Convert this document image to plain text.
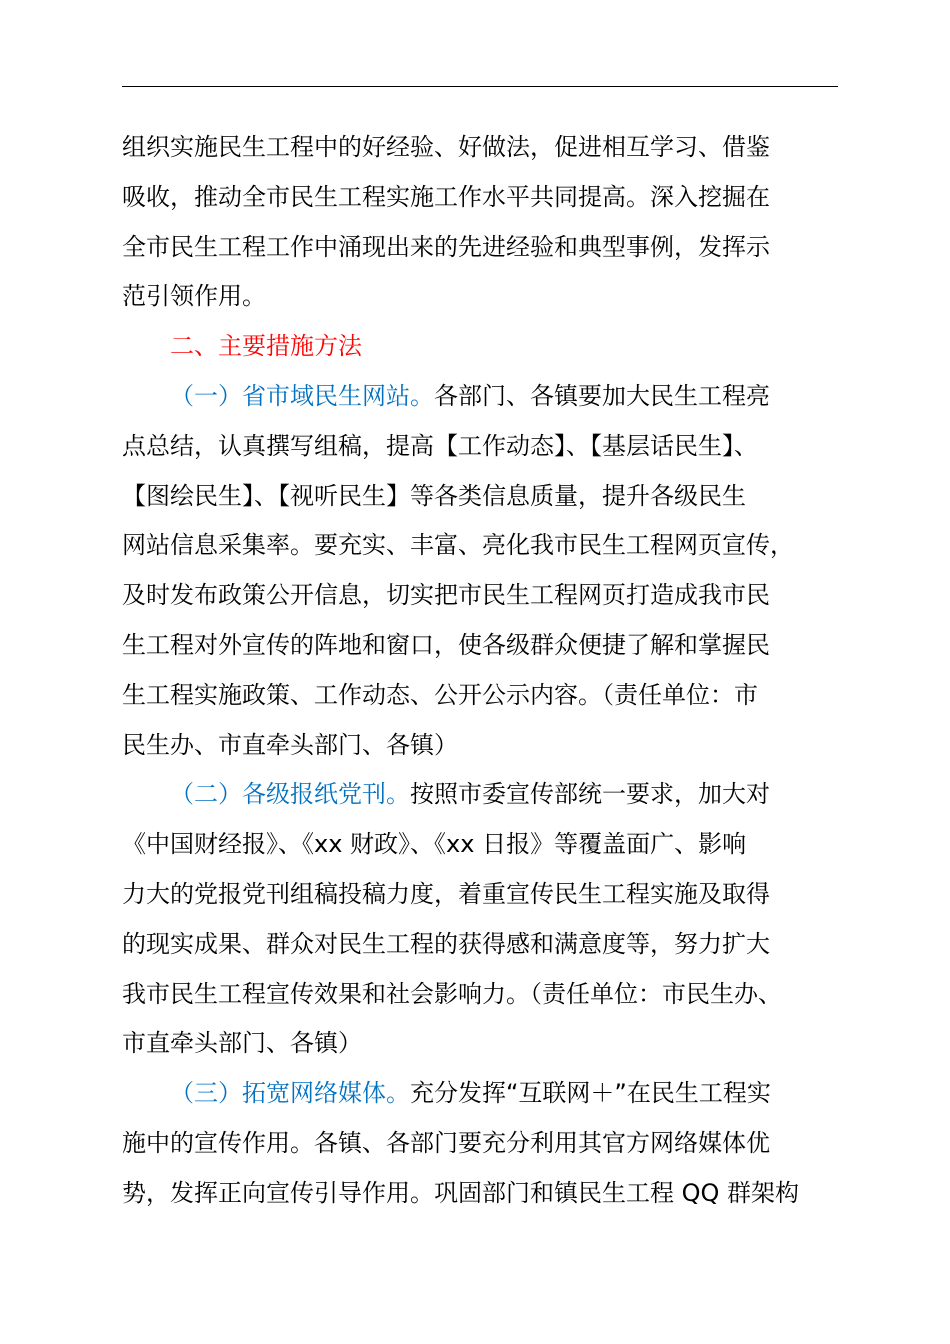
组织实施民生工程中的好经验、好做法，促进相互学习、借鉴
吸收，推动全市民生工程实施工作水平共同提高。深入挖掘在
全市民生工程工作中涌现出来的先进经验和典型事例，发挥示
范引领作用。
二、主要措施方法
（一）省市域民生网站。各部门、各镇要加大民生工程亮
点总结，认真撰写组稿，提高【工作动态】、【基层话民生】、
【图绘民生】、【视听民生】等各类信息质量，提升各级民生
网站信息采集率。要充实、丰富、亮化我市民生工程网页宣传，
及时发布政策公开信息，切实把市民生工程网页打造成我市民
生工程对外宣传的阵地和窗口，使各级群众便捷了解和掌握民
生工程实施政策、工作动态、公开公示内容。（责任单位：市
民生办、市直牵头部门、各镇）
（二）各级报纸党刊。按照市委宣传部统一要求，加大对
《中国财经报》、《xx 财政》、《xx 日报》等覆盖面广、影响
力大的党报党刊组稿投稿力度，着重宣传民生工程实施及取得
的现实成果、群众对民生工程的获得感和满意度等，努力扩大
我市民生工程宣传效果和社会影响力。（责任单位：市民生办、
市直牵头部门、各镇）
（三）拓宽网络媒体。充分发挥“互联网＋”在民生工程实
施中的宣传作用。各镇、各部门要充分利用其官方网络媒体优
势，发挥正向宣传引导作用。巩固部门和镇民生工程 QQ 群架构
